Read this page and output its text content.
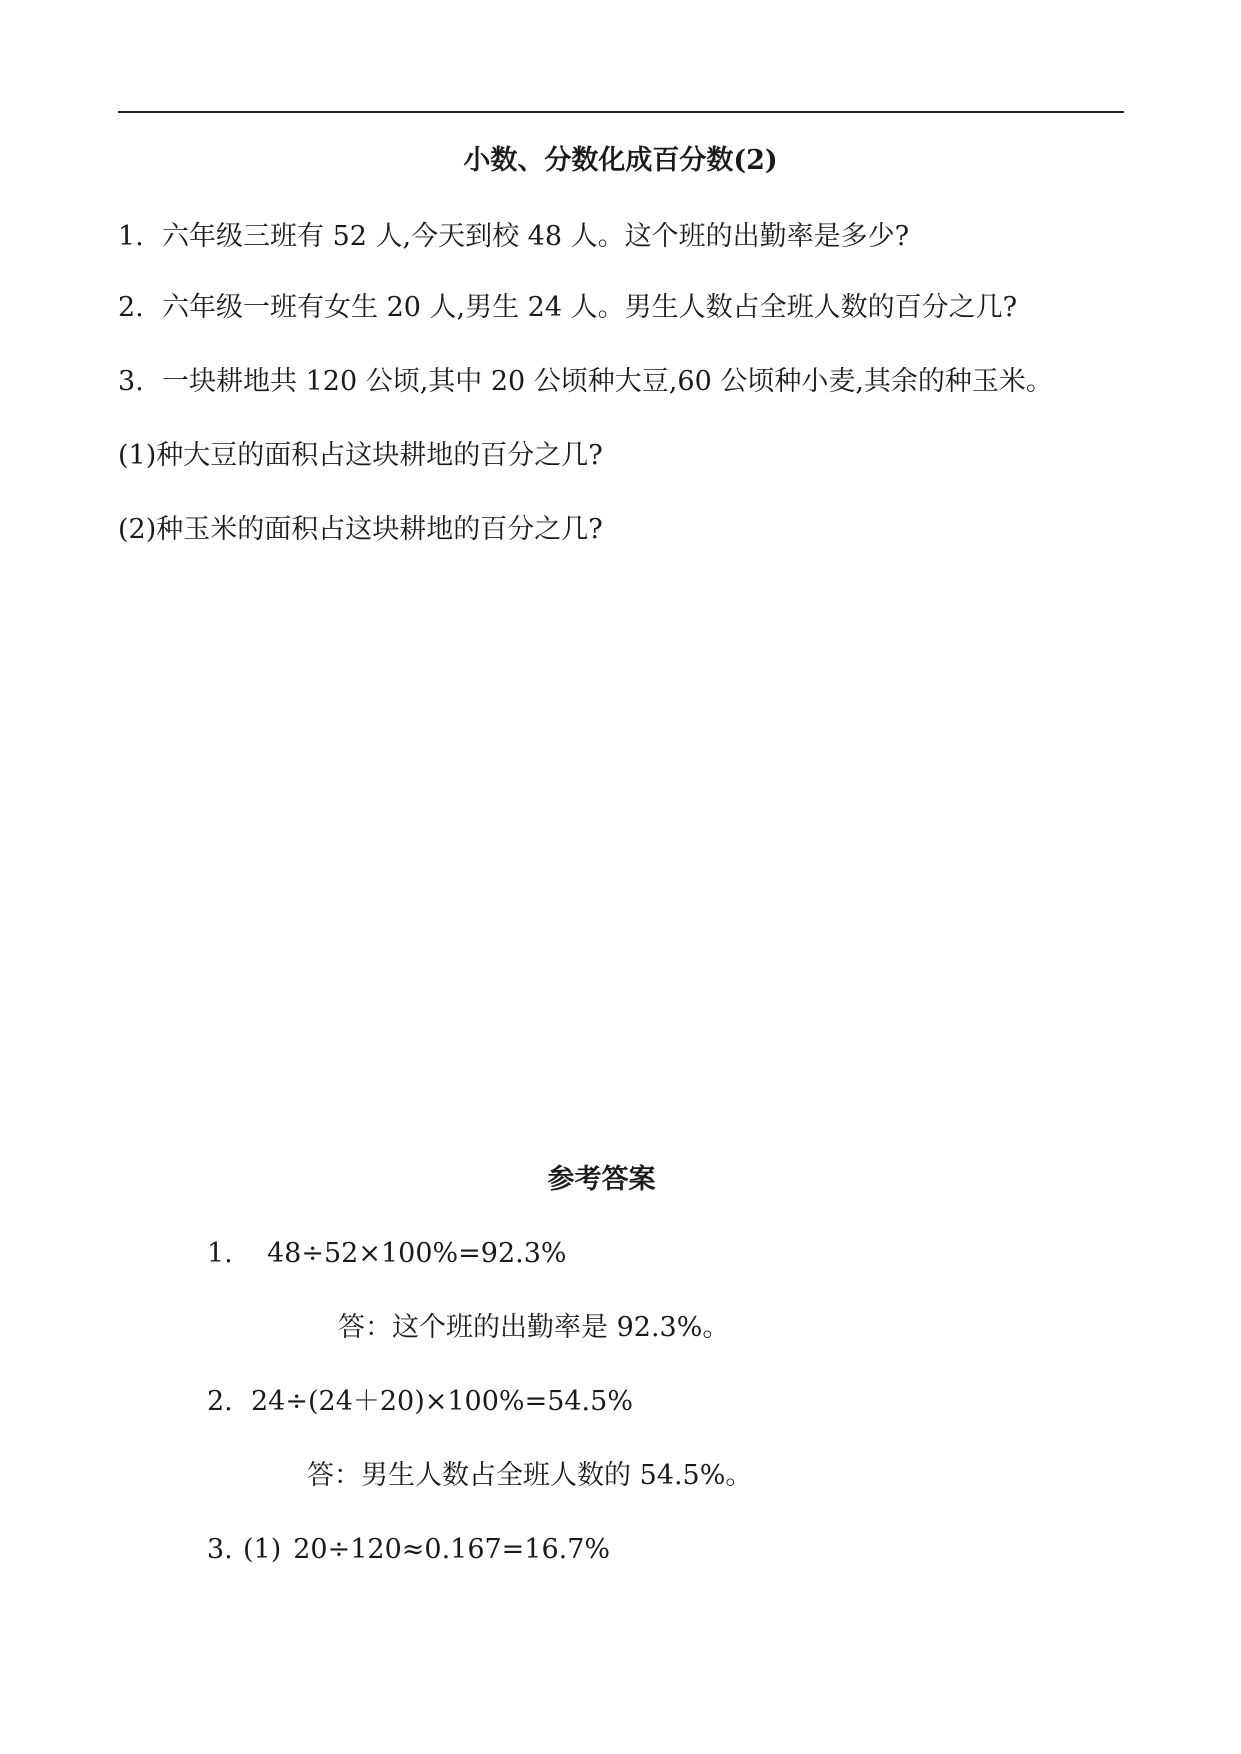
小数、分数化成百分数(2)
1. 六年级三班有 52 人,今天到校 48 人。这个班的出勤率是多少?
2. 六年级一班有女生 20 人,男生 24 人。男生人数占全班人数的百分之几?
3. 一块耕地共 120 公顷,其中 20 公顷种大豆,60 公顷种小麦,其余的种玉米。
(1)种大豆的面积占这块耕地的百分之几?
(2)种玉米的面积占这块耕地的百分之几?
参考答案
1. 48÷52×100%=92.3%
答：这个班的出勤率是 92.3%。
2. 24÷(24＋20)×100%=54.5%
答：男生人数占全班人数的 54.5%。
3. (1) 20÷120≈0.167=16.7%
